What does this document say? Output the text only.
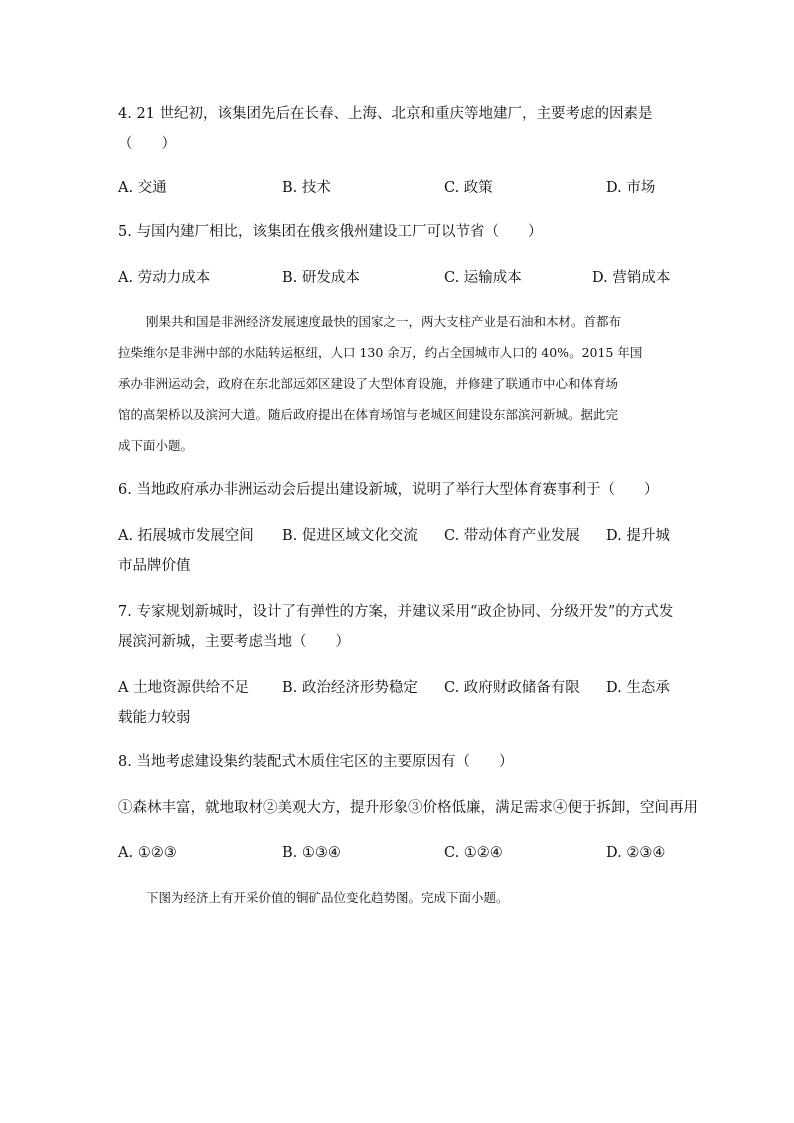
4. 21 世纪初，该集团先后在长春、上海、北京和重庆等地建厂，主要考虑的因素是
（　　）
A. 交通	B. 技术	C. 政策	D. 市场
5. 与国内建厂相比，该集团在俄亥俄州建设工厂可以节省（　　）
A. 劳动力成本	B. 研发成本	C. 运输成本	D. 营销成本

刚果共和国是非洲经济发展速度最快的国家之一，两大支柱产业是石油和木材。首都布

拉柴维尔是非洲中部的水陆转运枢纽，人口 130 余万，约占全国城市人口的 40%。2015 年国
承办非洲运动会，政府在东北部远郊区建设了大型体育设施，并修建了联通市中心和体育场
馆的高架桥以及滨河大道。随后政府提出在体育场馆与老城区间建设东部滨河新城。据此完
成下面小题。
6. 当地政府承办非洲运动会后提出建设新城，说明了举行大型体育赛事利于（　　）
A. 拓展城市发展空间 B. 促进区域文化交流 C. 带动体育产业发展 D. 提升城
市品牌价值
7. 专家规划新城时，设计了有弹性的方案，并建议采用“政企协同、分级开发”的方式发
展滨河新城，主要考虑当地（　　）
A 土地资源供给不足 B. 政治经济形势稳定 C. 政府财政储备有限 D. 生态承
载能力较弱
8. 当地考虑建设集约装配式木质住宅区的主要原因有（　　）
①森林丰富，就地取材②美观大方，提升形象③价格低廉，满足需求④便于拆卸，空间再用
A. ①②③	B. ①③④	C. ①②④	D. ②③④

下图为经济上有开采价值的铜矿品位变化趋势图。完成下面小题。
